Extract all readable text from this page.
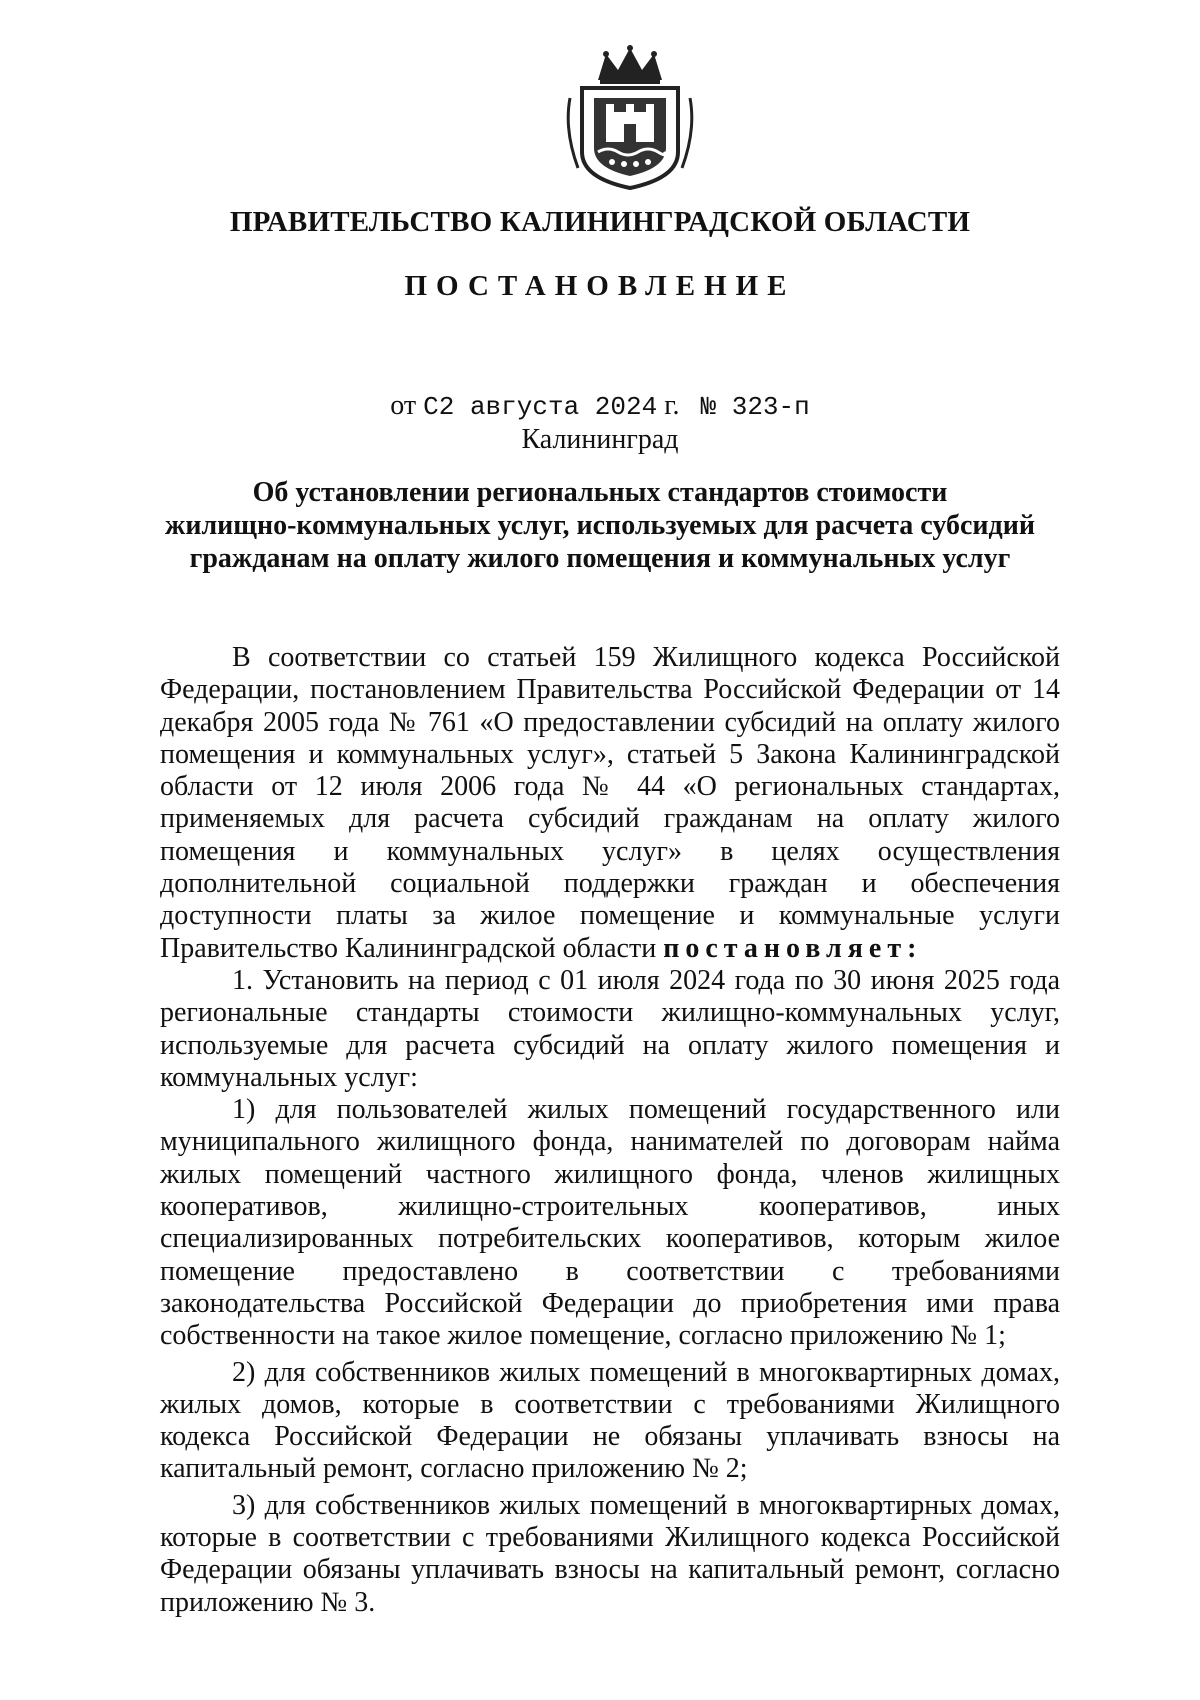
ПРАВИТЕЛЬСТВО КАЛИНИНГРАДСКОЙ ОБЛАСТИ
ПОСТАНОВЛЕНИЕ
от С2 августа 2024 г. № 323-п
Калининград
Об установлении региональных стандартов стоимости
жилищно-коммунальных услуг, используемых для расчета субсидий
гражданам на оплату жилого помещения и коммунальных услуг

В соответствии со статьей 159 Жилищного кодекса Российской Федерации, постановлением Правительства Российской Федерации от 14 декабря 2005 года № 761 «О предоставлении субсидий на оплату жилого помещения и коммунальных услуг», статьей 5 Закона Калининградской области от 12 июля 2006 года № 44 «О региональных стандартах, применяемых для расчета субсидий гражданам на оплату жилого помещения и коммунальных услуг» в целях осуществления дополнительной социальной поддержки граждан и обеспечения доступности платы за жилое помещение и коммунальные услуги Правительство Калининградской области постановляет:

1. Установить на период с 01 июля 2024 года по 30 июня 2025 года региональные стандарты стоимости жилищно-коммунальных услуг, используемые для расчета субсидий на оплату жилого помещения и коммунальных услуг:

1) для пользователей жилых помещений государственного или муниципального жилищного фонда, нанимателей по договорам найма жилых помещений частного жилищного фонда, членов жилищных кооперативов, жилищно-строительных кооперативов, иных специализированных потребительских кооперативов, которым жилое помещение предоставлено в соответствии с требованиями законодательства Российской Федерации до приобретения ими права собственности на такое жилое помещение, согласно приложению № 1;

2) для собственников жилых помещений в многоквартирных домах, жилых домов, которые в соответствии с требованиями Жилищного кодекса Российской Федерации не обязаны уплачивать взносы на капитальный ремонт, согласно приложению № 2;

3) для собственников жилых помещений в многоквартирных домах, которые в соответствии с требованиями Жилищного кодекса Российской Федерации обязаны уплачивать взносы на капитальный ремонт, согласно приложению № 3.
